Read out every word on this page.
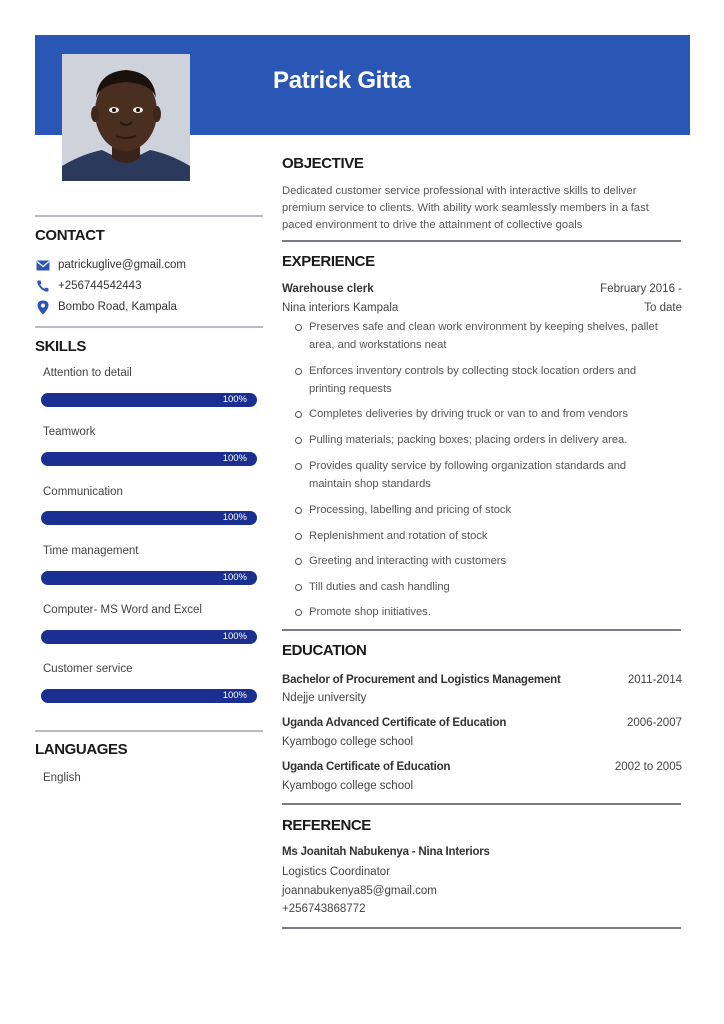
Patrick Gitta
CONTACT
patrickuglive@gmail.com
+256744542443
Bombo Road, Kampala
SKILLS
Attention to detail
100%
Teamwork
100%
Communication
100%
Time management
100%
Computer- MS Word and Excel
100%
Customer service
100%
LANGUAGES
English
OBJECTIVE
Dedicated customer service professional with interactive skills to deliver premium service to clients. With ability work seamlessly members in a fast paced environment to drive the attainment of collective goals
EXPERIENCE
Warehouse clerk	February 2016 -
Nina interiors Kampala	To date
Preserves safe and clean work environment by keeping shelves, pallet area, and workstations neat
Enforces inventory controls by collecting stock location orders and printing requests
Completes deliveries by driving truck or van to and from vendors
Pulling materials; packing boxes; placing orders in delivery area.
Provides quality service by following organization standards and maintain shop standards
Processing, labelling and pricing of stock
Replenishment and rotation of stock
Greeting and interacting with customers
Till duties and cash handling
Promote shop initiatives.
EDUCATION
Bachelor of Procurement and Logistics Management	2011-2014
Ndejje university
Uganda Advanced Certificate of Education	2006-2007
Kyambogo college school
Uganda Certificate of Education	2002 to 2005
Kyambogo college school
REFERENCE
Ms Joanitah Nabukenya - Nina Interiors
Logistics Coordinator
joannabukenya85@gmail.com
+256743868772
